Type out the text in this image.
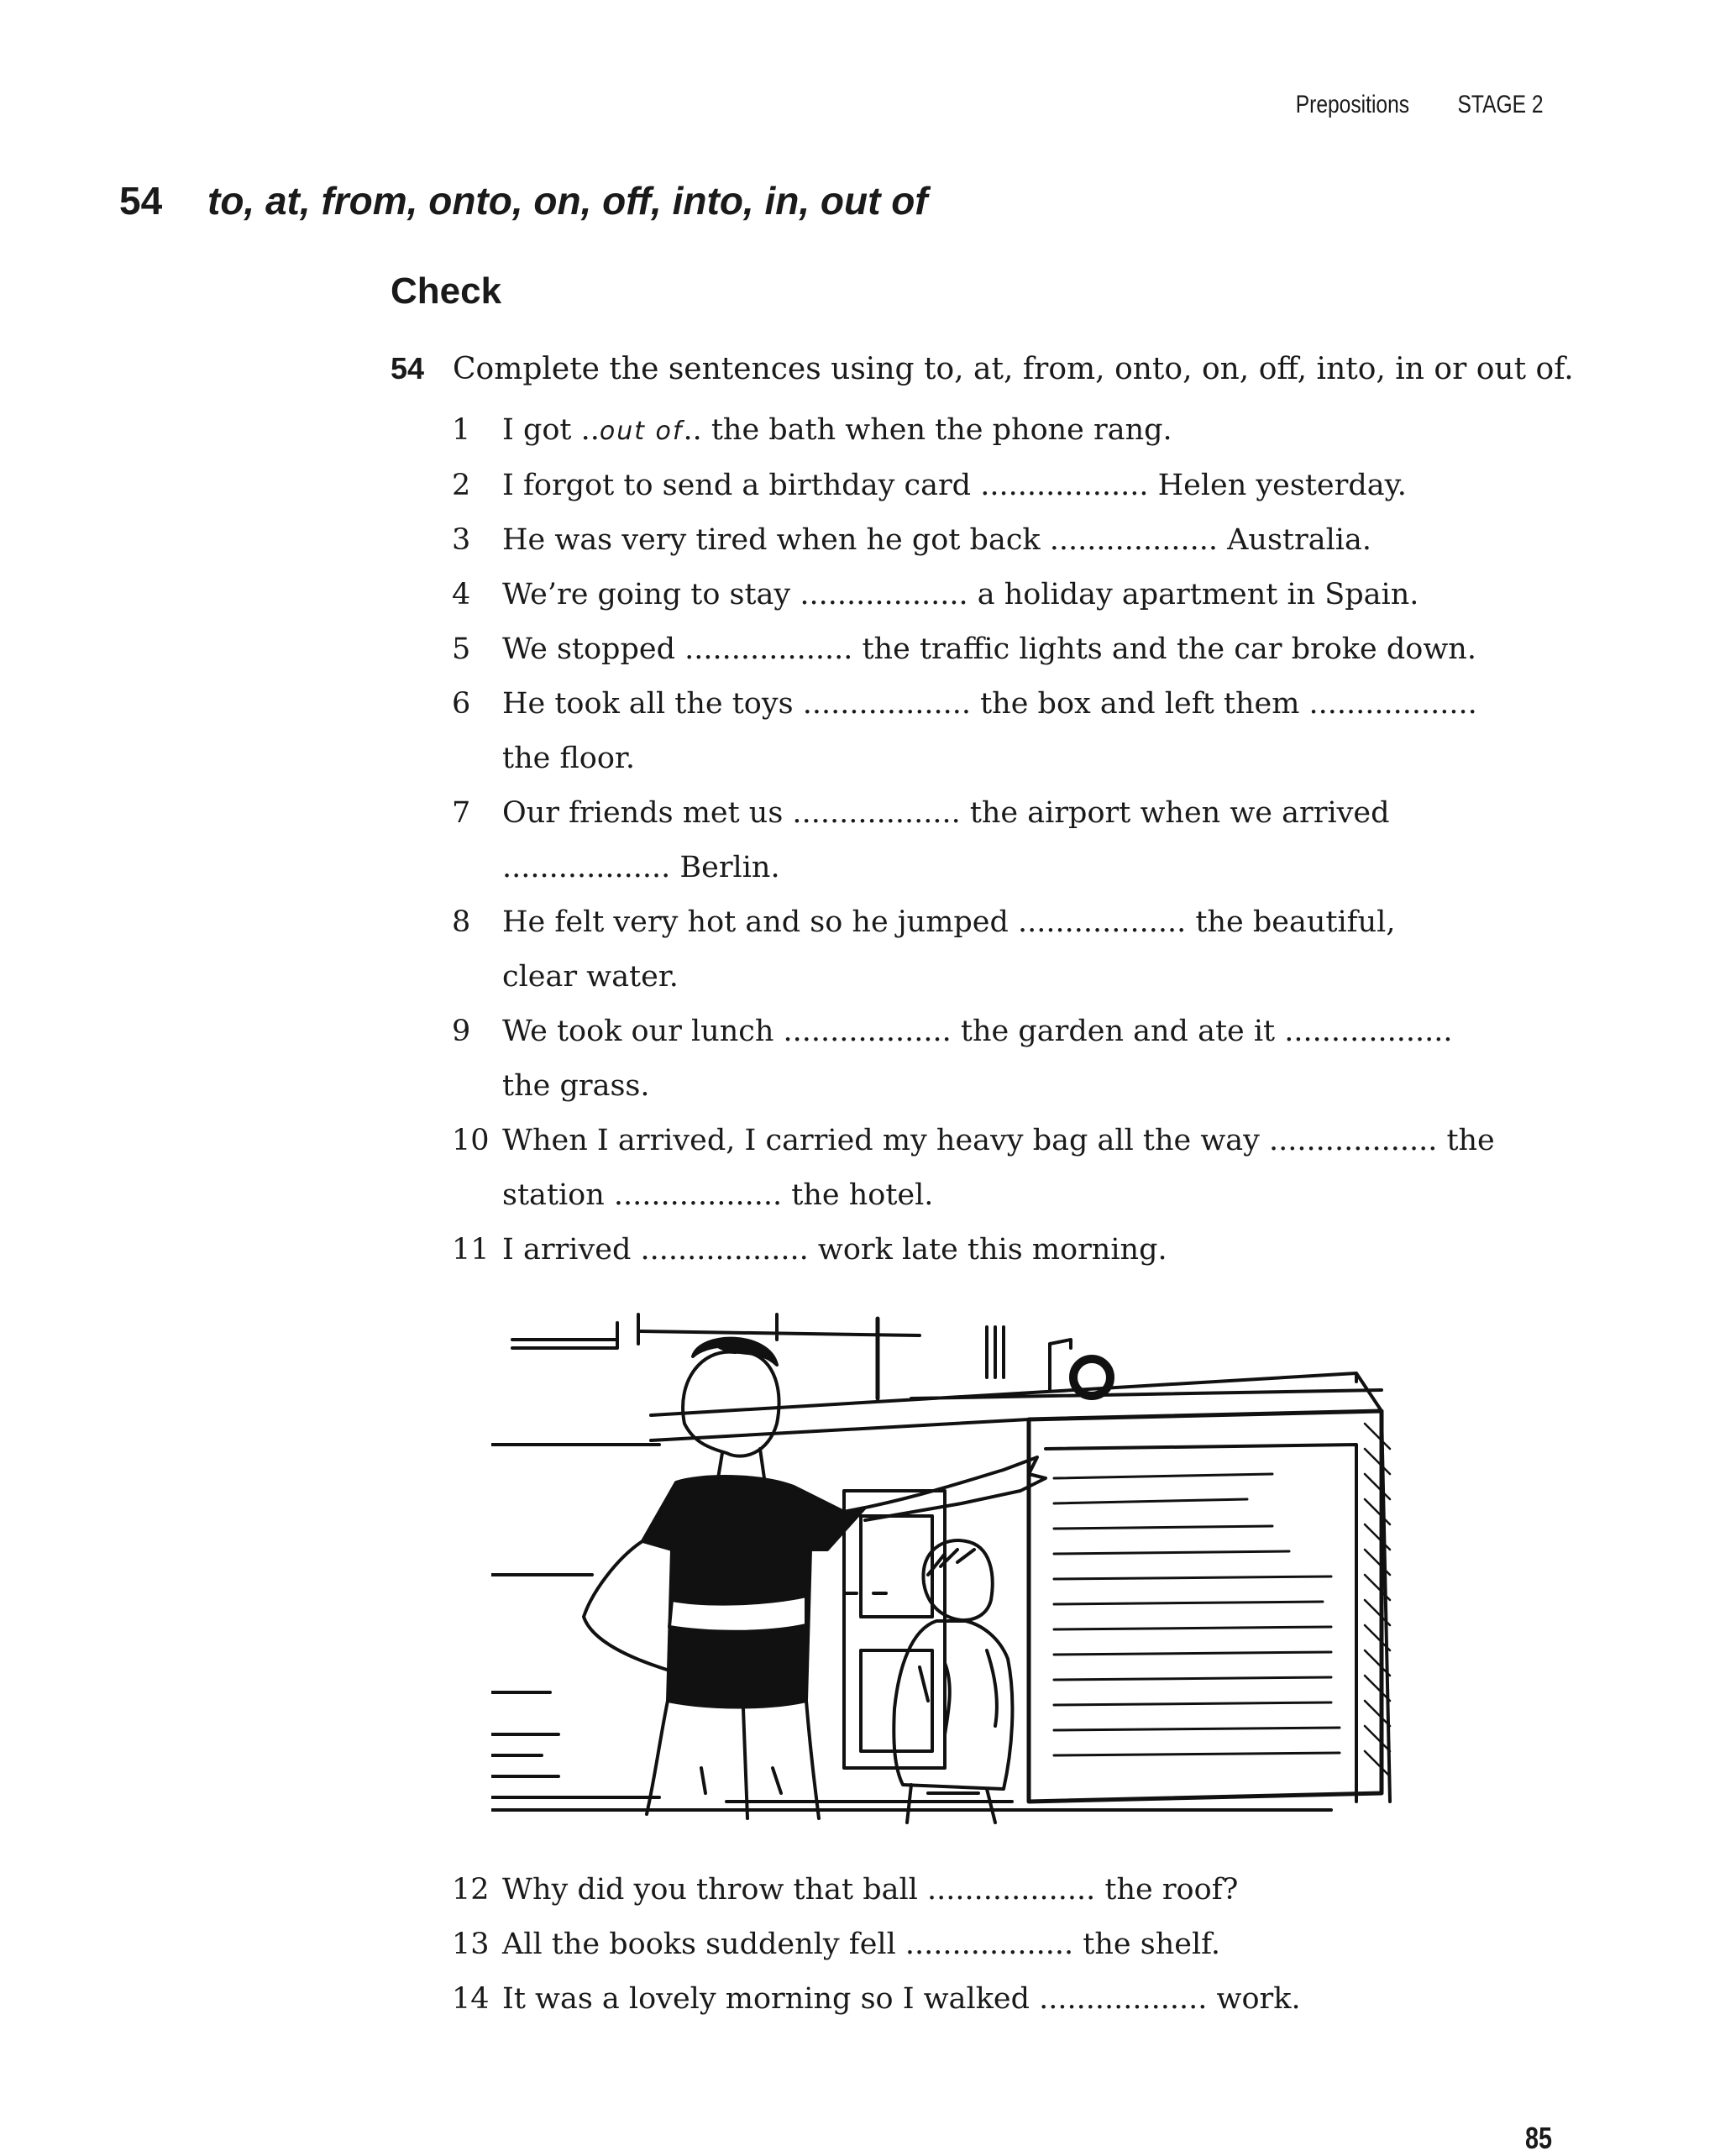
Prepositions STAGE 2
54	to, at, from, onto, on, off, into, in, out of
Check
54 Complete the sentences using to, at, from, onto, on, off, into, in or out of.
1	I got ..out of.. the bath when the phone rang.
2	I forgot to send a birthday card .................. Helen yesterday.
3	He was very tired when he got back .................. Australia.
4	We’re going to stay .................. a holiday apartment in Spain.
5	We stopped .................. the traffic lights and the car broke down.
6	He took all the toys .................. the box and left them ..................
the floor.
7	Our friends met us .................. the airport when we arrived
.................. Berlin.
8	He felt very hot and so he jumped .................. the beautiful,
clear water.
9	We took our lunch .................. the garden and ate it ..................
the grass.
10 When I arrived, I carried my heavy bag all the way .................. the
station .................. the hotel.
11 I arrived .................. work late this morning.
12 Why did you throw that ball .................. the roof?
13 All the books suddenly fell .................. the shelf.
14 It was a lovely morning so I walked .................. work.
85
